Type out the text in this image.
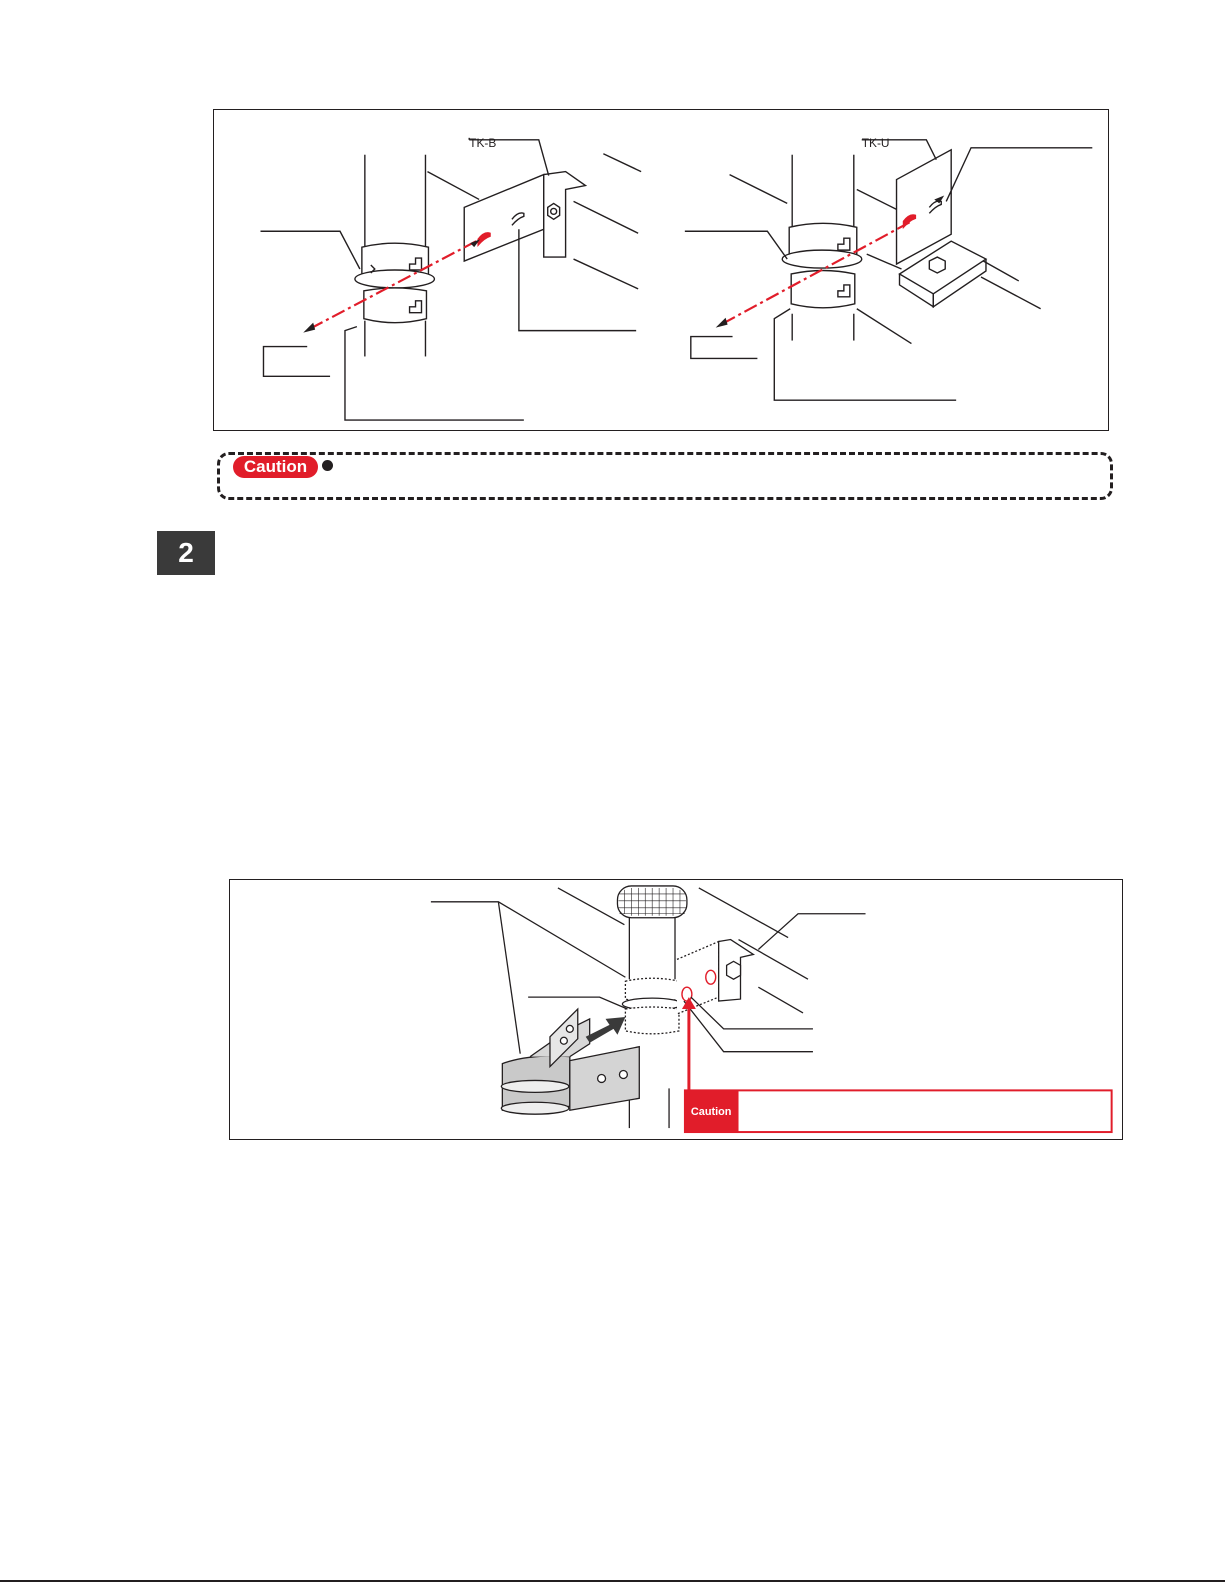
TK-B	TK-U
Caution
2
Caution
